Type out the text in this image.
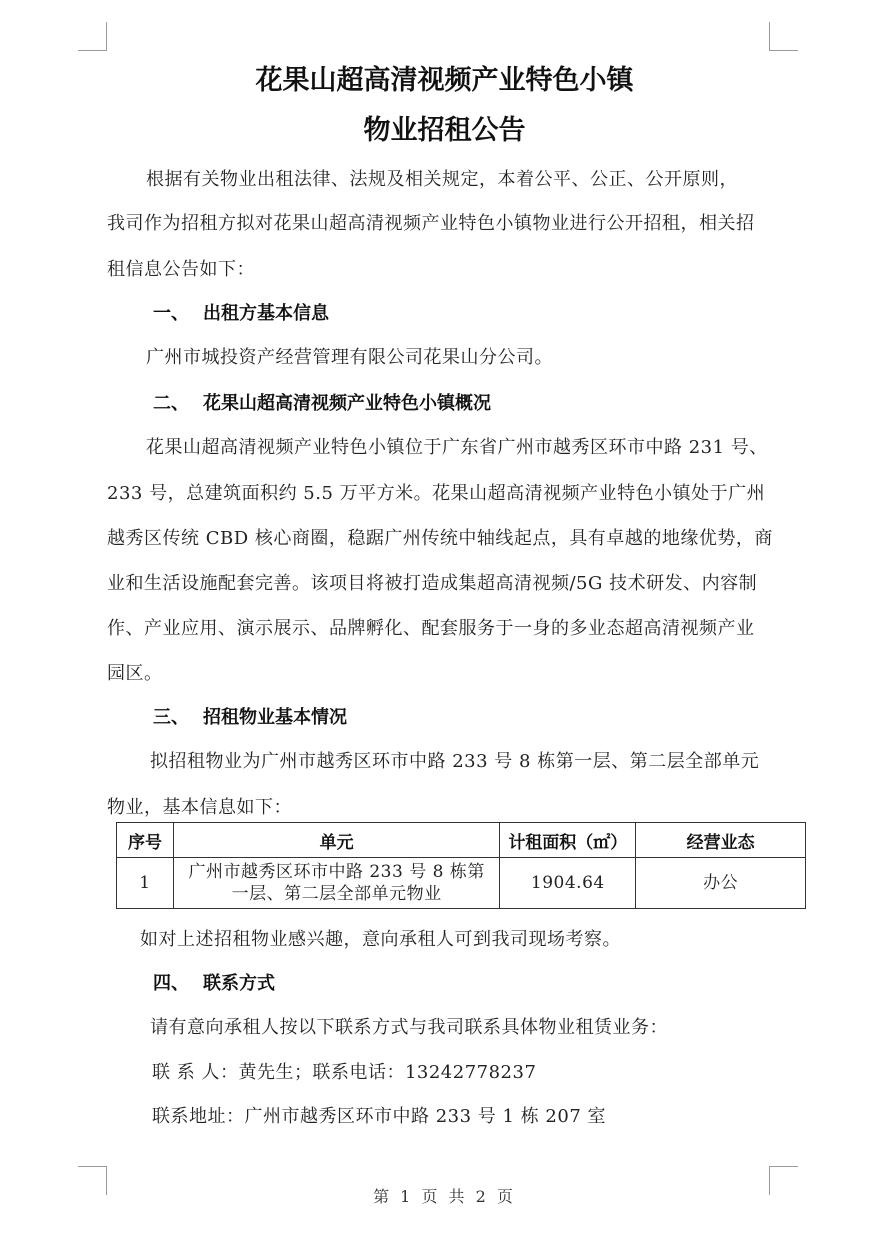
花果山超高清视频产业特色小镇
物业招租公告
根据有关物业出租法律、法规及相关规定，本着公平、公正、公开原则，
我司作为招租方拟对花果山超高清视频产业特色小镇物业进行公开招租，相关招
租信息公告如下：
一、 出租方基本信息
广州市城投资产经营管理有限公司花果山分公司。
二、 花果山超高清视频产业特色小镇概况
花果山超高清视频产业特色小镇位于广东省广州市越秀区环市中路 231 号、
233 号，总建筑面积约 5.5 万平方米。花果山超高清视频产业特色小镇处于广州
越秀区传统 CBD 核心商圈，稳踞广州传统中轴线起点，具有卓越的地缘优势，商
业和生活设施配套完善。该项目将被打造成集超高清视频/5G 技术研发、内容制
作、产业应用、演示展示、品牌孵化、配套服务于一身的多业态超高清视频产业
园区。
三、 招租物业基本情况
拟招租物业为广州市越秀区环市中路 233 号 8 栋第一层、第二层全部单元
物业，基本信息如下：
序号	单元	计租面积（㎡）	经营业态
1	广州市越秀区环市中路 233 号 8 栋第
一层、第二层全部单元物业	1904.64	办公
如对上述招租物业感兴趣，意向承租人可到我司现场考察。
四、 联系方式
请有意向承租人按以下联系方式与我司联系具体物业租赁业务：
联 系 人：黄先生；联系电话：13242778237
联系地址：广州市越秀区环市中路 233 号 1 栋 207 室
第 1 页 共 2 页
